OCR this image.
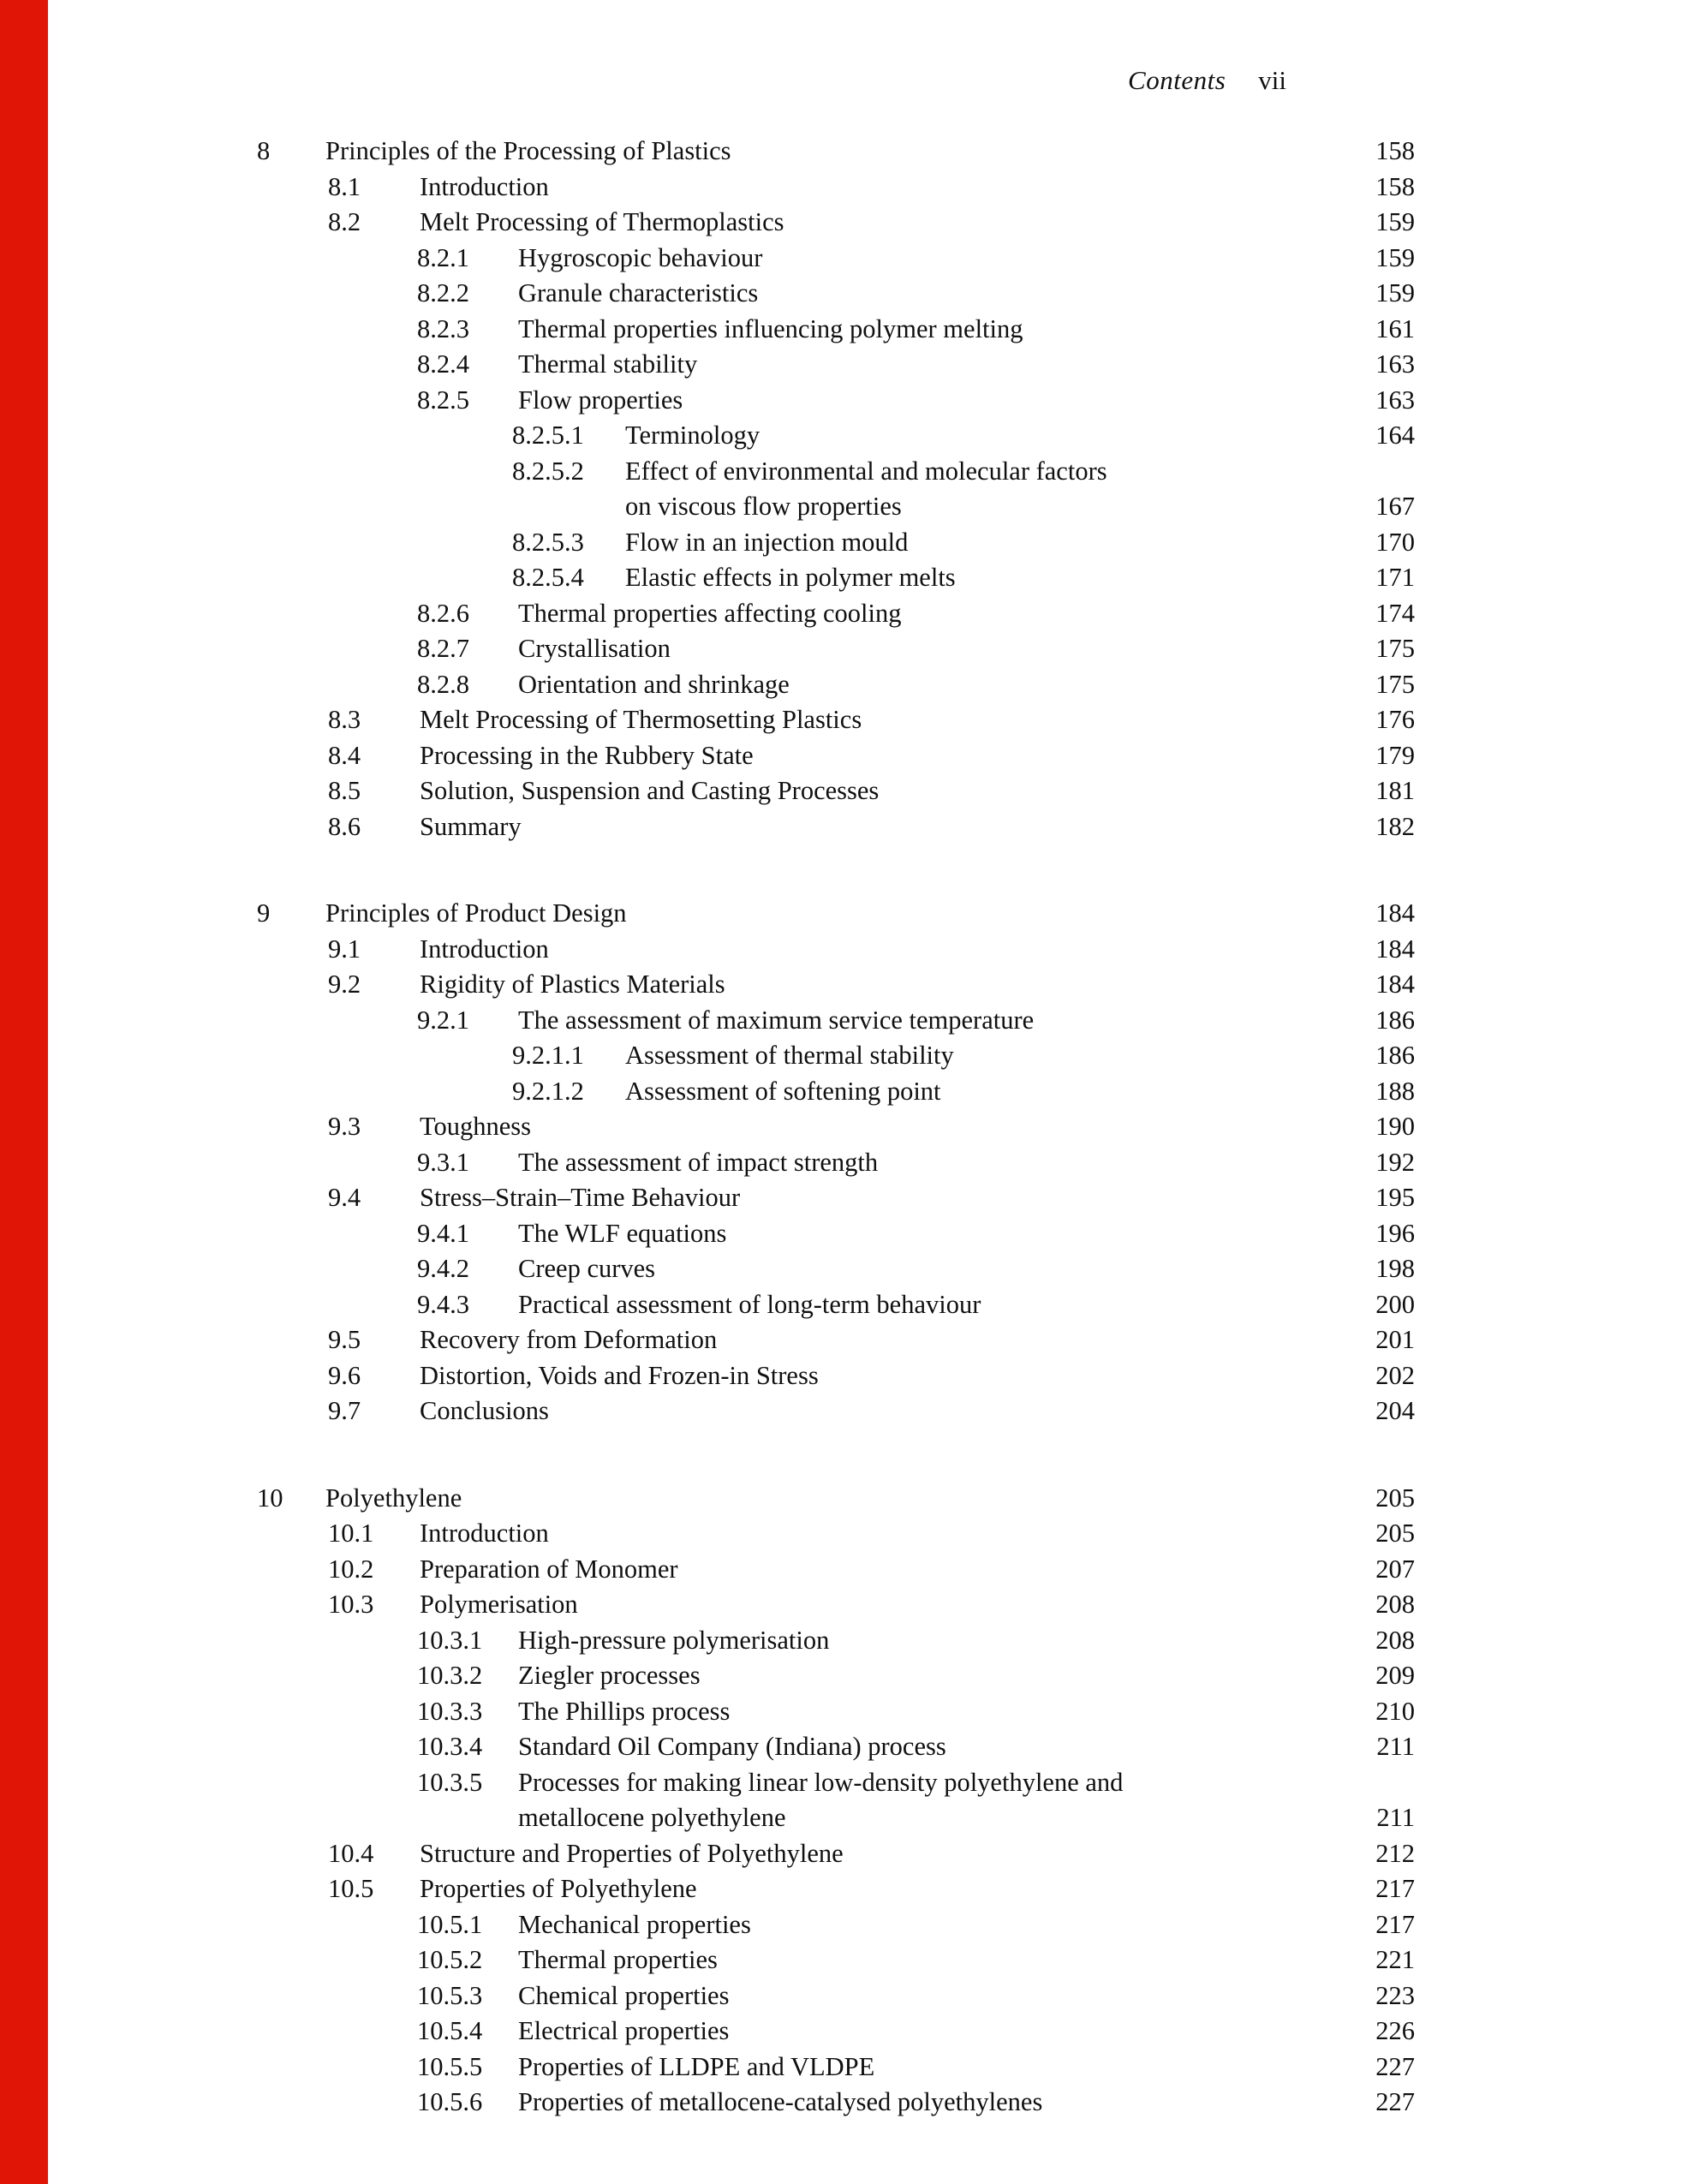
Contents vii
8 Principles of the Processing of Plastics	158
8.1 Introduction	158
8.2 Melt Processing of Thermoplastics	159
8.2.1 Hygroscopic behaviour	159
8.2.2 Granule characteristics	159
8.2.3 Thermal properties influencing polymer melting	161
8.2.4 Thermal stability	163
8.2.5 Flow properties	163
8.2.5.1 Terminology	164
8.2.5.2 Effect of environmental and molecular factors
on viscous flow properties	167
8.2.5.3 Flow in an injection mould	170
8.2.5.4 Elastic effects in polymer melts	171
8.2.6 Thermal properties affecting cooling	174
8.2.7 Crystallisation	175
8.2.8 Orientation and shrinkage	175
8.3 Melt Processing of Thermosetting Plastics	176
8.4 Processing in the Rubbery State	179
8.5 Solution, Suspension and Casting Processes	181
8.6 Summary	182
9 Principles of Product Design	184
9.1 Introduction	184
9.2 Rigidity of Plastics Materials	184
9.2.1 The assessment of maximum service temperature	186
9.2.1.1 Assessment of thermal stability	186
9.2.1.2 Assessment of softening point	188
9.3 Toughness	190
9.3.1 The assessment of impact strength	192
9.4 Stress–Strain–Time Behaviour	195
9.4.1 The WLF equations	196
9.4.2 Creep curves	198
9.4.3 Practical assessment of long-term behaviour	200
9.5 Recovery from Deformation	201
9.6 Distortion, Voids and Frozen-in Stress	202
9.7 Conclusions	204
10 Polyethylene	205
10.1 Introduction	205
10.2 Preparation of Monomer	207
10.3 Polymerisation	208
10.3.1 High-pressure polymerisation	208
10.3.2 Ziegler processes	209
10.3.3 The Phillips process	210
10.3.4 Standard Oil Company (Indiana) process	211
10.3.5 Processes for making linear low-density polyethylene and
metallocene polyethylene	211
10.4 Structure and Properties of Polyethylene	212
10.5 Properties of Polyethylene	217
10.5.1 Mechanical properties	217
10.5.2 Thermal properties	221
10.5.3 Chemical properties	223
10.5.4 Electrical properties	226
10.5.5 Properties of LLDPE and VLDPE	227
10.5.6 Properties of metallocene-catalysed polyethylenes	227
